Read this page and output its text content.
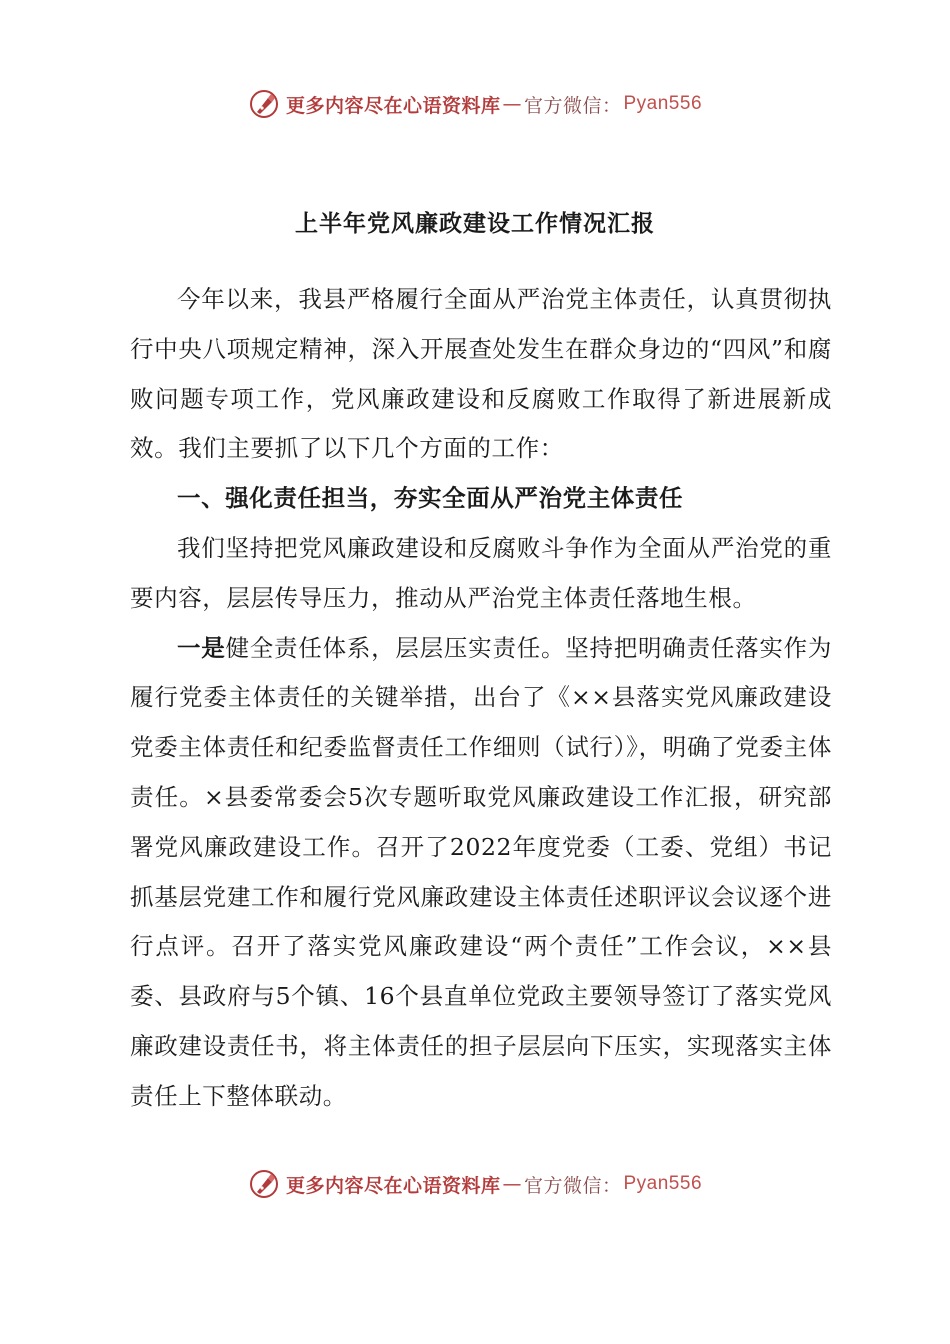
更多内容尽在心语资料库 — 官方微信： Pyan556
上半年党风廉政建设工作情况汇报

今年以来，我县严格履行全面从严治党主体责任，认真贯彻执行中央八项规定精神，深入开展查处发生在群众身边的“四风”和腐败问题专项工作，党风廉政建设和反腐败工作取得了新进展新成效。我们主要抓了以下几个方面的工作：

一、强化责任担当，夯实全面从严治党主体责任

我们坚持把党风廉政建设和反腐败斗争作为全面从严治党的重要内容，层层传导压力，推动从严治党主体责任落地生根。

一是健全责任体系，层层压实责任。坚持把明确责任落实作为履行党委主体责任的关键举措，出台了《××县落实党风廉政建设党委主体责任和纪委监督责任工作细则（试行）》，明确了党委主体责任。×县委常委会5次专题听取党风廉政建设工作汇报，研究部署党风廉政建设工作。召开了2022年度党委（工委、党组）书记抓基层党建工作和履行党风廉政建设主体责任述职评议会议逐个进行点评。召开了落实党风廉政建设“两个责任”工作会议，××县委、县政府与5个镇、16个县直单位党政主要领导签订了落实党风廉政建设责任书，将主体责任的担子层层向下压实，实现落实主体责任上下整体联动。

更多内容尽在心语资料库 — 官方微信： Pyan556
